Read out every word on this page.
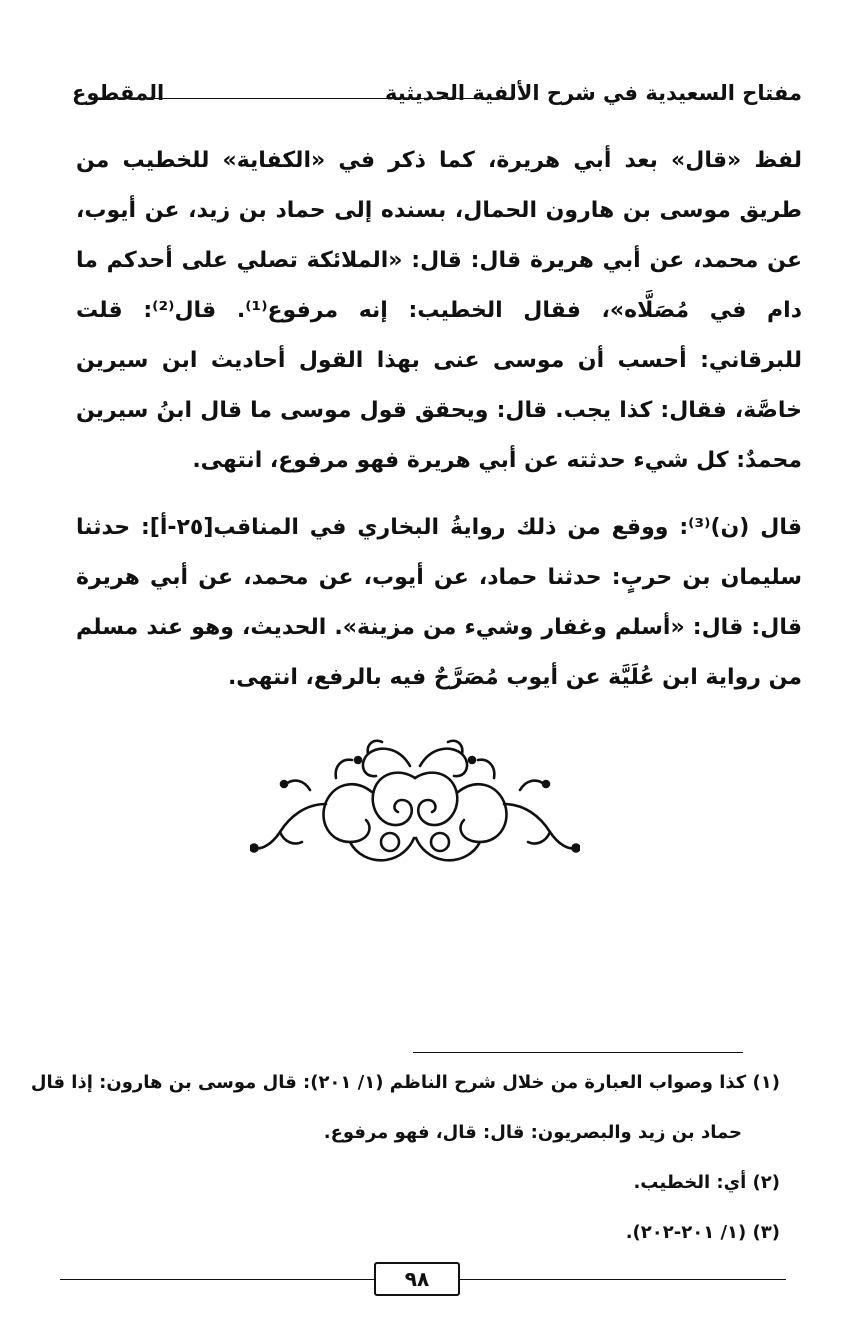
مفتاح السعيدية في شرح الألفية الحديثية
المقطوع

لفظ «قال» بعد أبي هريرة، كما ذكر في «الكفاية» للخطيب من طريق موسى بن هارون الحمال، بسنده إلى حماد بن زيد، عن أيوب، عن محمد، عن أبي هريرة قال: قال: «الملائكة تصلي على أحدكم ما دام في مُصَلَّاه»، فقال الخطيب: إنه مرفوع⁽¹⁾. قال⁽²⁾: قلت للبرقاني: أحسب أن موسى عنى بهذا القول أحاديث ابن سيرين خاصَّة، فقال: كذا يجب. قال: ويحقق قول موسى ما قال ابنُ سيرين محمدٌ: كل شيء حدثته عن أبي هريرة فهو مرفوع، انتهى.

قال (ن)⁽³⁾: ووقع من ذلك روايةُ البخاري في المناقب[٢٥-أ]: حدثنا سليمان بن حربٍ: حدثنا حماد، عن أيوب، عن محمد، عن أبي هريرة قال: قال: «أسلم وغفار وشيء من مزينة». الحديث، وهو عند مسلم من رواية ابن عُلَيَّة عن أيوب مُصَرَّحٌ فيه بالرفع، انتهى.

(١) كذا وصواب العبارة من خلال شرح الناظم (١/ ٢٠١): قال موسى بن هارون: إذا قال

حماد بن زيد والبصريون: قال: قال، فهو مرفوع.

(٢) أي: الخطيب.

(٣) (١/ ٢٠١-٢٠٢).

٩٨
